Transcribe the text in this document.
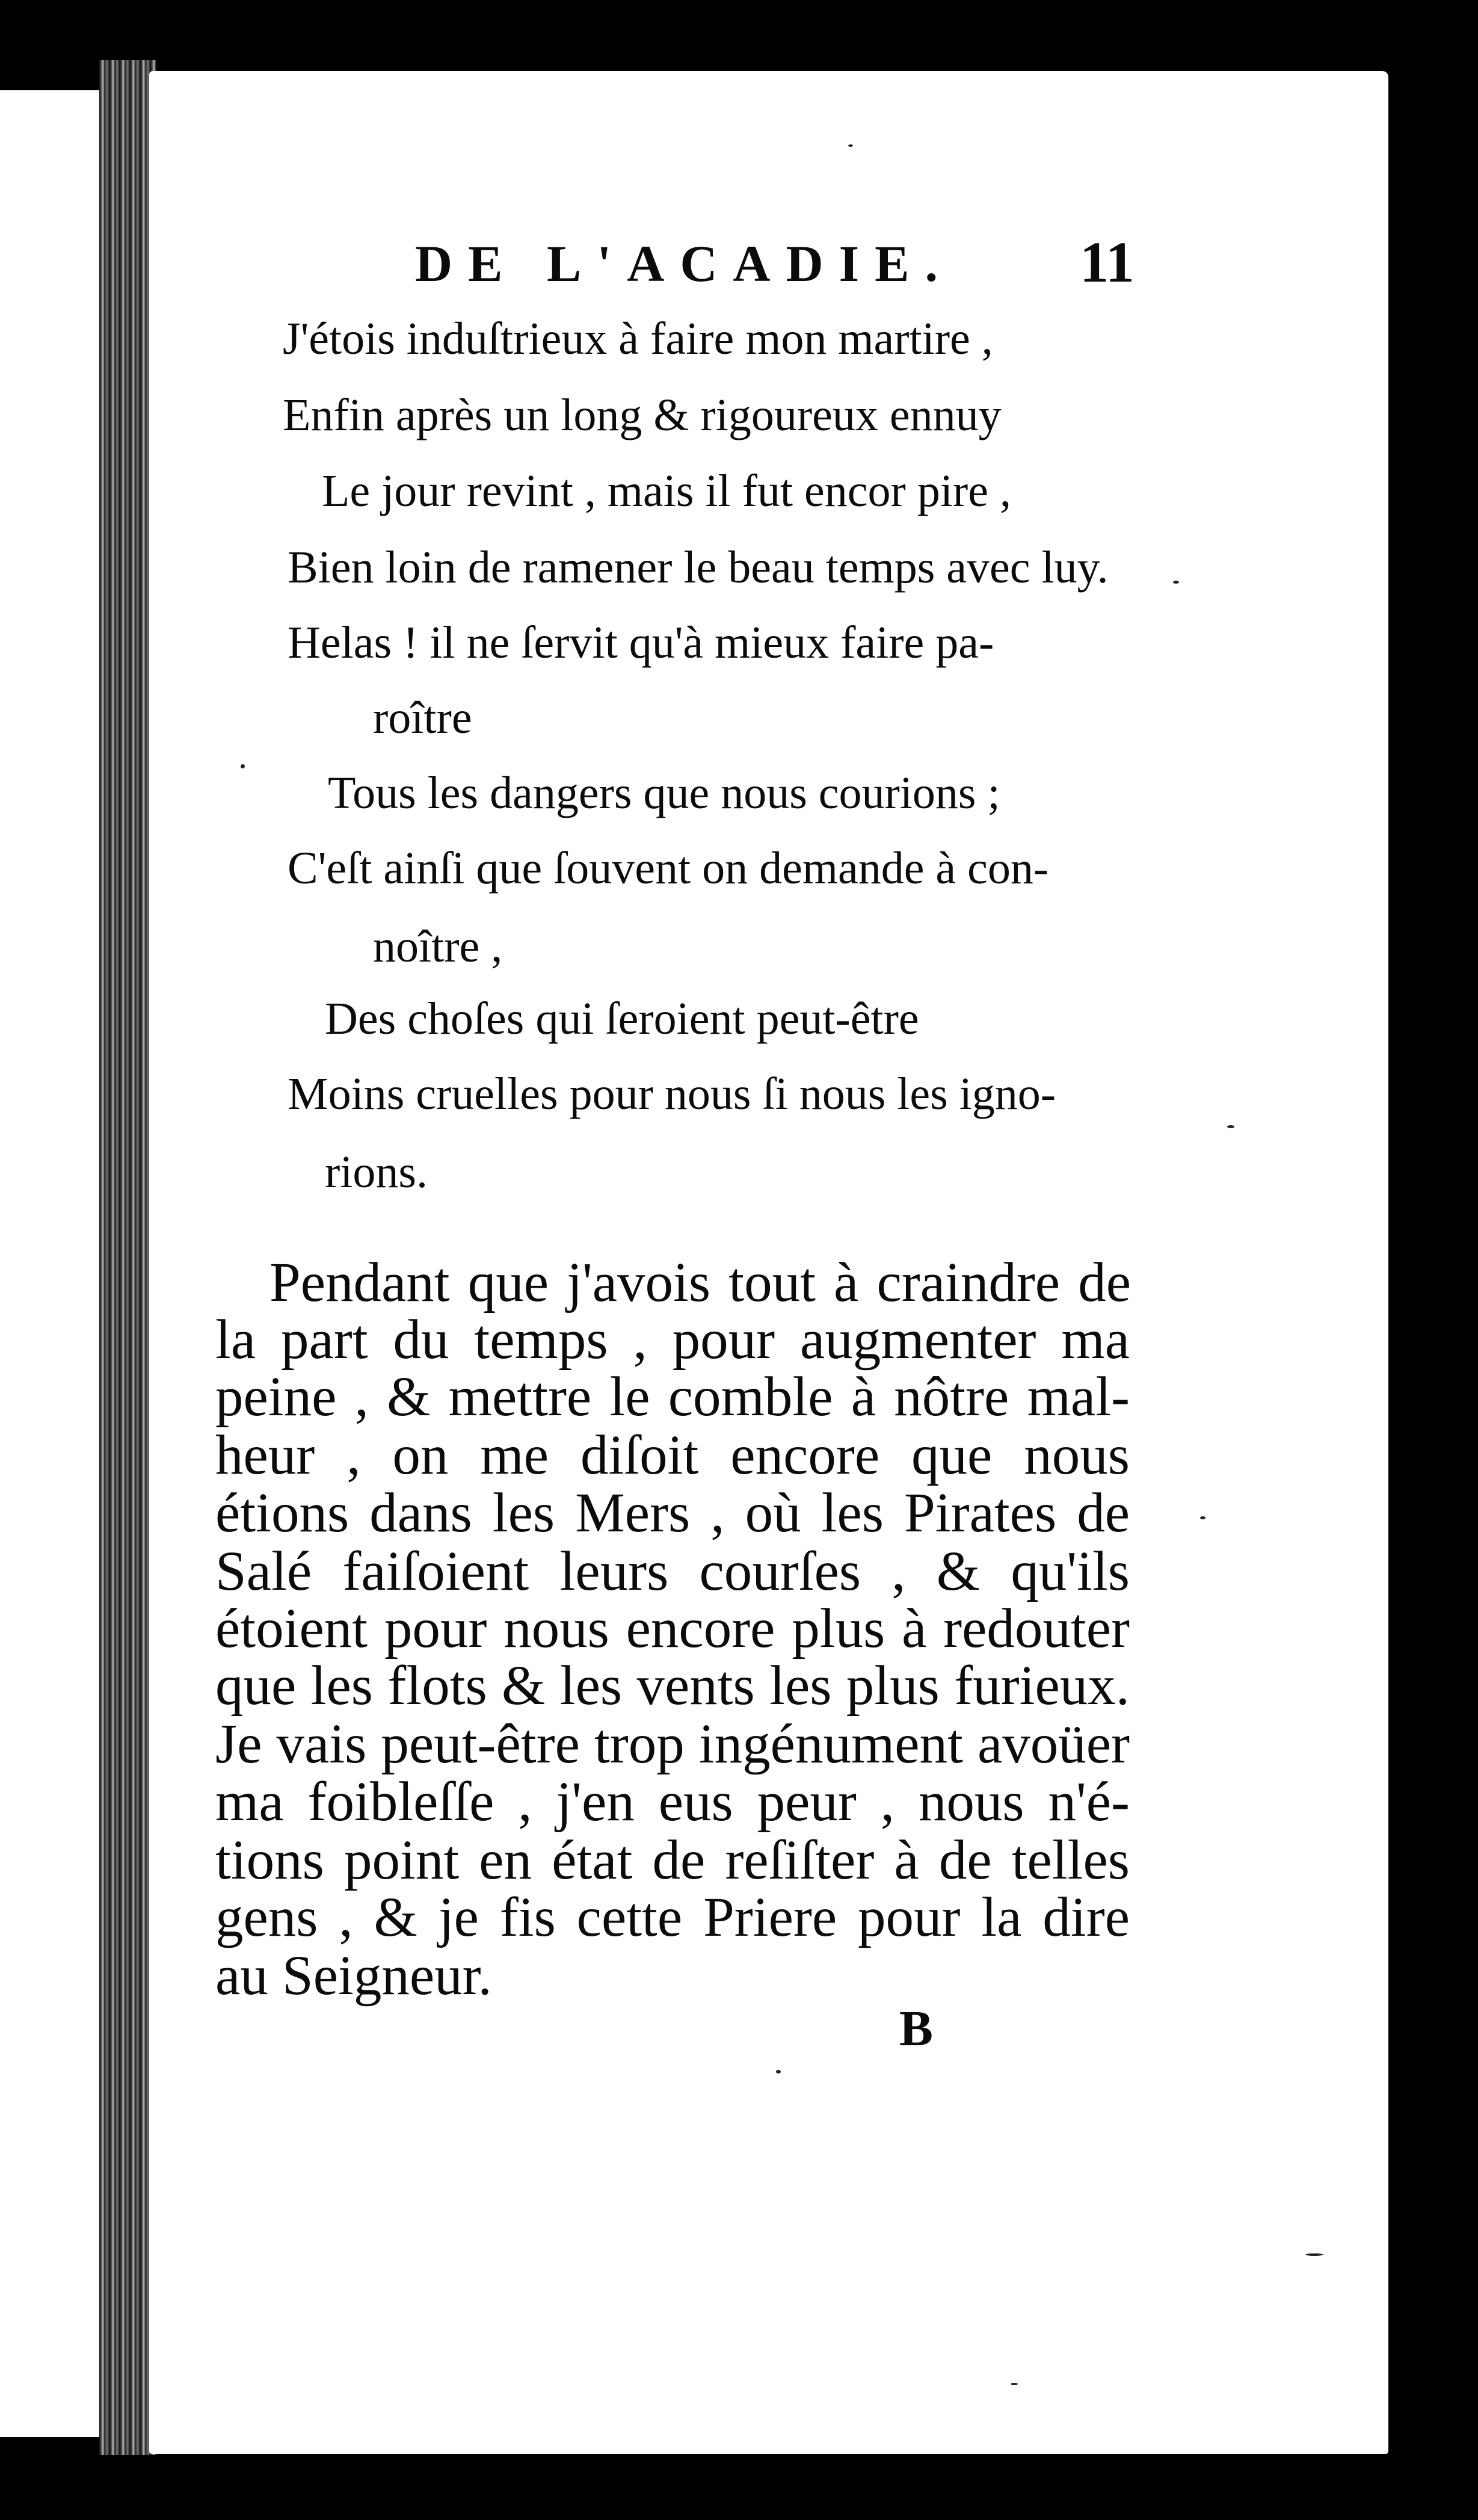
DE L'ACADIE. 11
J'étois induſtrieux à faire mon martire ,
Enfin après un long & rigoureux ennuy
Le jour revint , mais il fut encor pire ,
Bien loin de ramener le beau temps avec luy.
Helas ! il ne ſervit qu'à mieux faire pa-
roître
Tous les dangers que nous courions ;
C'eſt ainſi que ſouvent on demande à con-
noître ,
Des choſes qui ſeroient peut-être
Moins cruelles pour nous ſi nous les igno-
rions.
Pendant que j'avois tout à craindre de
la part du temps , pour augmenter ma
peine , & mettre le comble à nôtre mal-
heur , on me diſoit encore que nous
étions dans les Mers , où les Pirates de
Salé faiſoient leurs courſes , & qu'ils
étoient pour nous encore plus à redouter
que les flots & les vents les plus furieux.
Je vais peut-être trop ingénument avoüer
ma foibleſſe , j'en eus peur , nous n'é-
tions point en état de reſiſter à de telles
gens , & je fis cette Priere pour la dire
au Seigneur.
B
